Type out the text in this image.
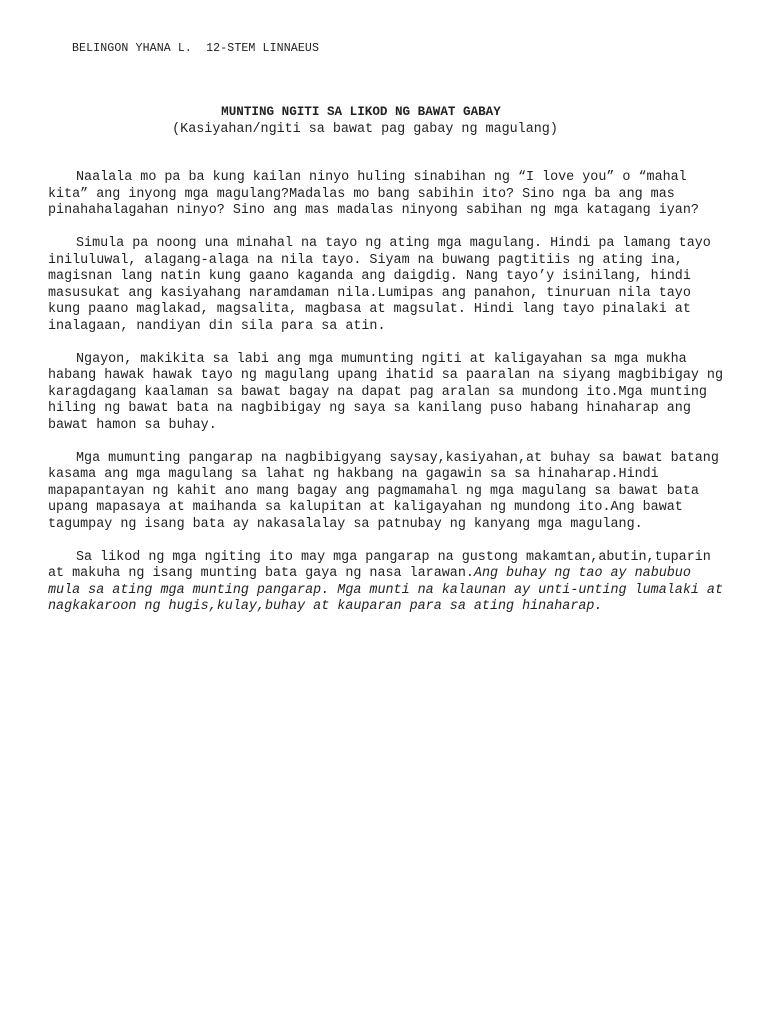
BELINGON YHANA L.  12-STEM LINNAEUS
MUNTING NGITI SA LIKOD NG BAWAT GABAY
(Kasiyahan/ngiti sa bawat pag gabay ng magulang)

Naalala mo pa ba kung kailan ninyo huling sinabihan ng “I love you” o “mahal kita” ang inyong mga magulang?Madalas mo bang sabihin ito? Sino nga ba ang mas pinahahalagahan ninyo? Sino ang mas madalas ninyong sabihan ng mga katagang iyan?

Simula pa noong una minahal na tayo ng ating mga magulang. Hindi pa lamang tayo iniluluwal, alagang-alaga na nila tayo. Siyam na buwang pagtitiis ng ating ina, magisnan lang natin kung gaano kaganda ang daigdig. Nang tayo’y isinilang, hindi masusukat ang kasiyahang naramdaman nila.Lumipas ang panahon, tinuruan nila tayo kung paano maglakad, magsalita, magbasa at magsulat. Hindi lang tayo pinalaki at inalagaan, nandiyan din sila para sa atin.

Ngayon, makikita sa labi ang mga mumunting ngiti at kaligayahan sa mga mukha habang hawak hawak tayo ng magulang upang ihatid sa paaralan na siyang magbibigay ng karagdagang kaalaman sa bawat bagay na dapat pag aralan sa mundong ito.Mga munting hiling ng bawat bata na nagbibigay ng saya sa kanilang puso habang hinaharap ang bawat hamon sa buhay.

Mga mumunting pangarap na nagbibigyang saysay,kasiyahan,at buhay sa bawat batang kasama ang mga magulang sa lahat ng hakbang na gagawin sa sa hinaharap.Hindi mapapantayan ng kahit ano mang bagay ang pagmamahal ng mga magulang sa bawat bata upang mapasaya at maihanda sa kalupitan at kaligayahan ng mundong ito.Ang bawat tagumpay ng isang bata ay nakasalalay sa patnubay ng kanyang mga magulang.

Sa likod ng mga ngiting ito may mga pangarap na gustong makamtan,abutin,tuparin at makuha ng isang munting bata gaya ng nasa larawan.Ang buhay ng tao ay nabubuo mula sa ating mga munting pangarap. Mga munti na kalaunan ay unti-unting lumalaki at nagkakaroon ng hugis,kulay,buhay at kauparan para sa ating hinaharap.
